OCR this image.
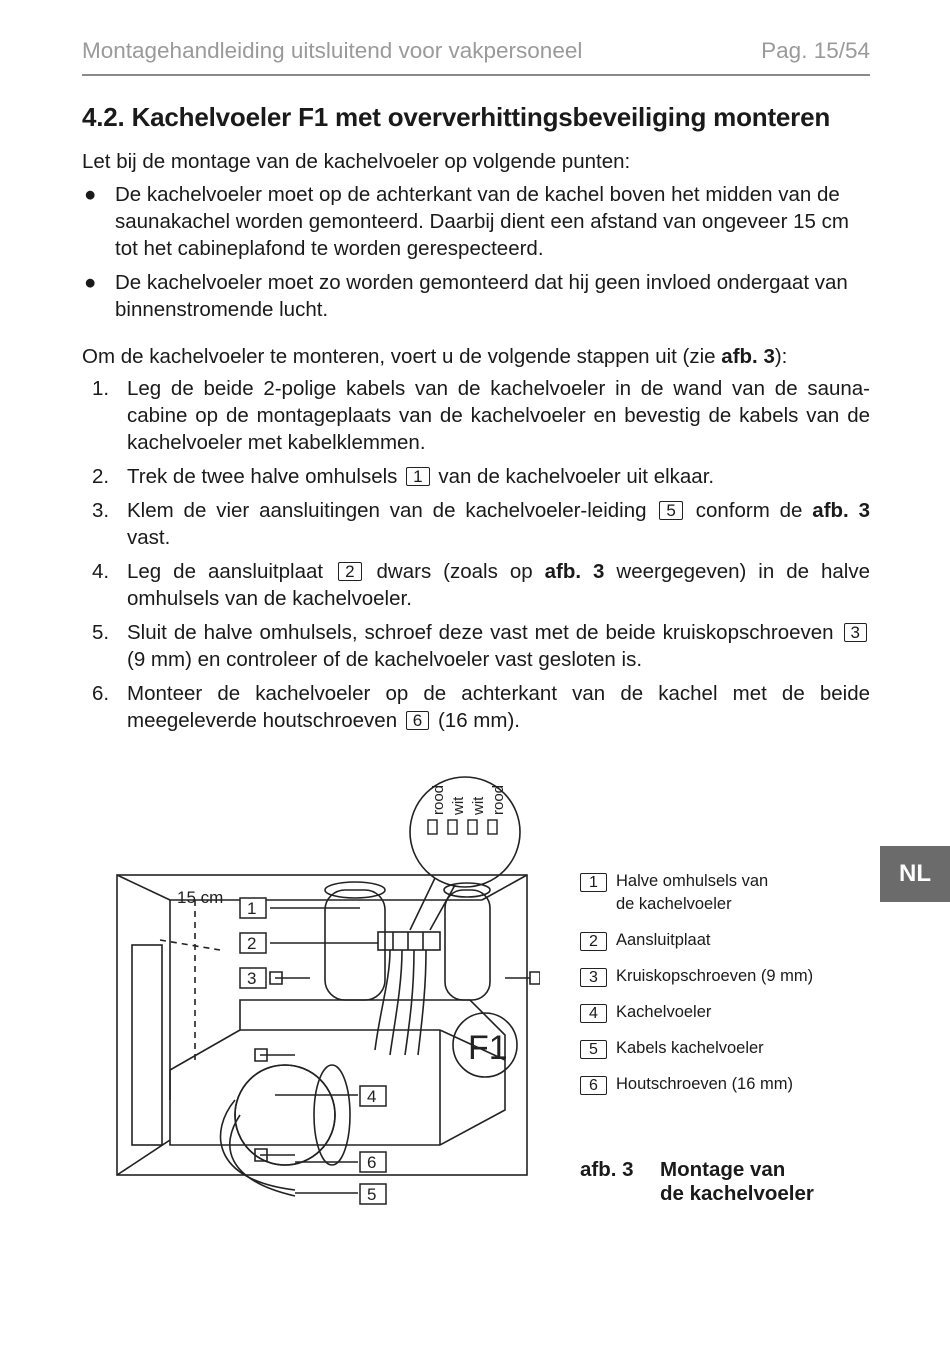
Montagehandleiding uitsluitend voor vakpersoneel	Pag. 15/54
4.2. Kachelvoeler F1 met oververhittingsbeveiliging monteren

Let bij de montage van de kachelvoeler op volgende punten:

● De kachelvoeler moet op de achterkant van de kachel boven het midden van de saunakachel worden gemonteerd. Daarbij dient een afstand van ongeveer 15 cm tot het cabineplafond te worden gerespecteerd.
● De kachelvoeler moet zo worden gemonteerd dat hij geen invloed ondergaat van binnenstromende lucht.

Om de kachelvoeler te monteren, voert u de volgende stappen uit (zie afb. 3):

1. Leg de beide 2-polige kabels van de kachelvoeler in de wand van de sauna-cabine op de montageplaats van de kachelvoeler en bevestig de kabels van de kachelvoeler met kabelklemmen.
2. Trek de twee halve omhulsels 1 van de kachelvoeler uit elkaar.
3. Klem de vier aansluitingen van de kachelvoeler-leiding 5 conform de afb. 3 vast.
4. Leg de aansluitplaat 2 dwars (zoals op afb. 3 weergegeven) in de halve omhulsels van de kachelvoeler.
5. Sluit de halve omhulsels, schroef deze vast met de beide kruiskopschroeven 3 (9 mm) en controleer of de kachelvoeler vast gesloten is.
6. Monteer de kachelvoeler op de achterkant van de kachel met de beide meegeleverde houtschroeven 6 (16 mm).
NL
rood wit wit rood
15 cm
F1
1
2
3
4
5
6
1	Halve omhulsels van de kachelvoeler
2	Aansluitplaat
3	Kruiskopschroeven (9 mm)
4	Kachelvoeler
5	Kabels kachelvoeler
6	Houtschroeven (16 mm)
afb. 3	Montage van
de kachelvoeler
